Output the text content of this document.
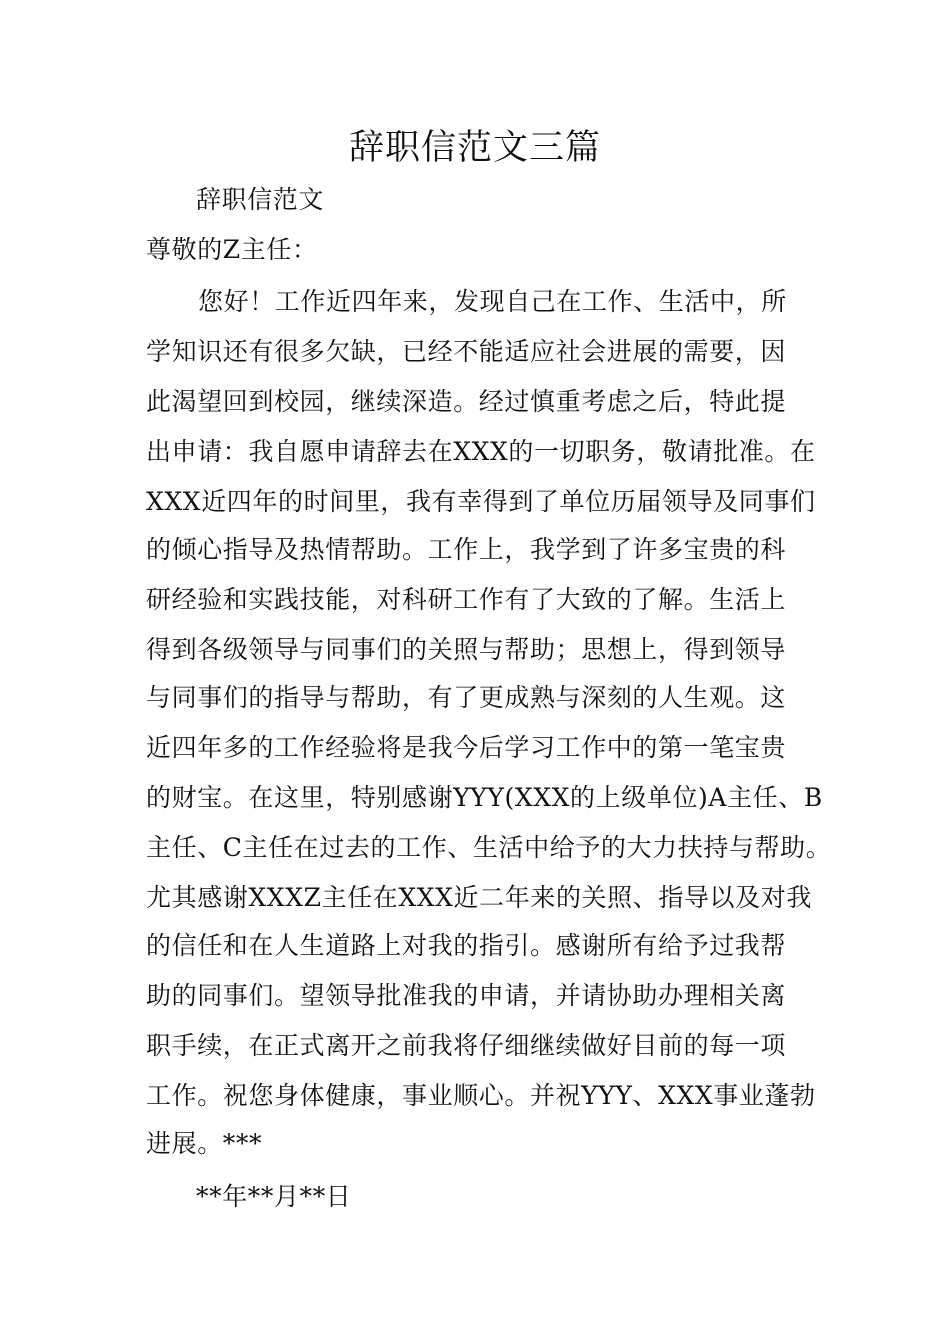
辞职信范文三篇
辞职信范文
尊敬的Z主任：
您好！工作近四年来，发现自己在工作、生活中，所
学知识还有很多欠缺，已经不能适应社会进展的需要，因
此渴望回到校园，继续深造。经过慎重考虑之后，特此提
出申请：我自愿申请辞去在XXX的一切职务，敬请批准。在
XXX近四年的时间里，我有幸得到了单位历届领导及同事们
的倾心指导及热情帮助。工作上，我学到了许多宝贵的科
研经验和实践技能，对科研工作有了大致的了解。生活上
得到各级领导与同事们的关照与帮助；思想上，得到领导
与同事们的指导与帮助，有了更成熟与深刻的人生观。这
近四年多的工作经验将是我今后学习工作中的第一笔宝贵
的财宝。在这里，特别感谢YYY(XXX的上级单位)A主任、B
主任、C主任在过去的工作、生活中给予的大力扶持与帮助。
尤其感谢XXXZ主任在XXX近二年来的关照、指导以及对我
的信任和在人生道路上对我的指引。感谢所有给予过我帮
助的同事们。望领导批准我的申请，并请协助办理相关离
职手续，在正式离开之前我将仔细继续做好目前的每一项
工作。祝您身体健康，事业顺心。并祝YYY、XXX事业蓬勃
进展。***
**年**月**日
